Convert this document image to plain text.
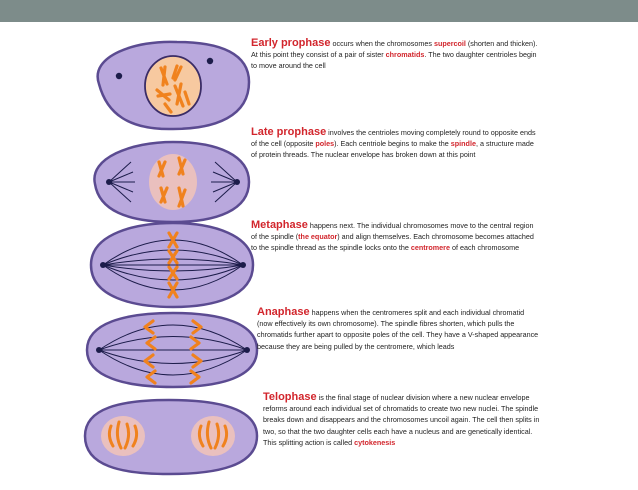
Early prophase occurs when the chromosomes supercoil (shorten and thicken). At this point they consist of a pair of sister chromatids. The two daughter centrioles begin to move around the cell
Late prophase involves the centrioles moving completely round to opposite ends of the cell (opposite poles). Each centriole begins to make the spindle, a structure made of protein threads. The nuclear envelope has broken down at this point
Metaphase happens next. The individual chromosomes move to the central region of the spindle (the equator) and align themselves. Each chromosome becomes attached to the spindle thread as the spindle locks onto the centromere of each chromosome
Anaphase happens when the centromeres split and each individual chromatid (now effectively its own chromosome). The spindle fibres shorten, which pulls the chromatids further apart to opposite poles of the cell. They have a V-shaped appearance because they are being pulled by the centromere, which leads
Telophase is the final stage of nuclear division where a new nuclear envelope reforms around each individual set of chromatids to create two new nuclei. The spindle breaks down and disappears and the chromosomes uncoil again. The cell then splits in two, so that the two daughter cells each have a nucleus and are genetically identical. This splitting action is called cytokenesis
